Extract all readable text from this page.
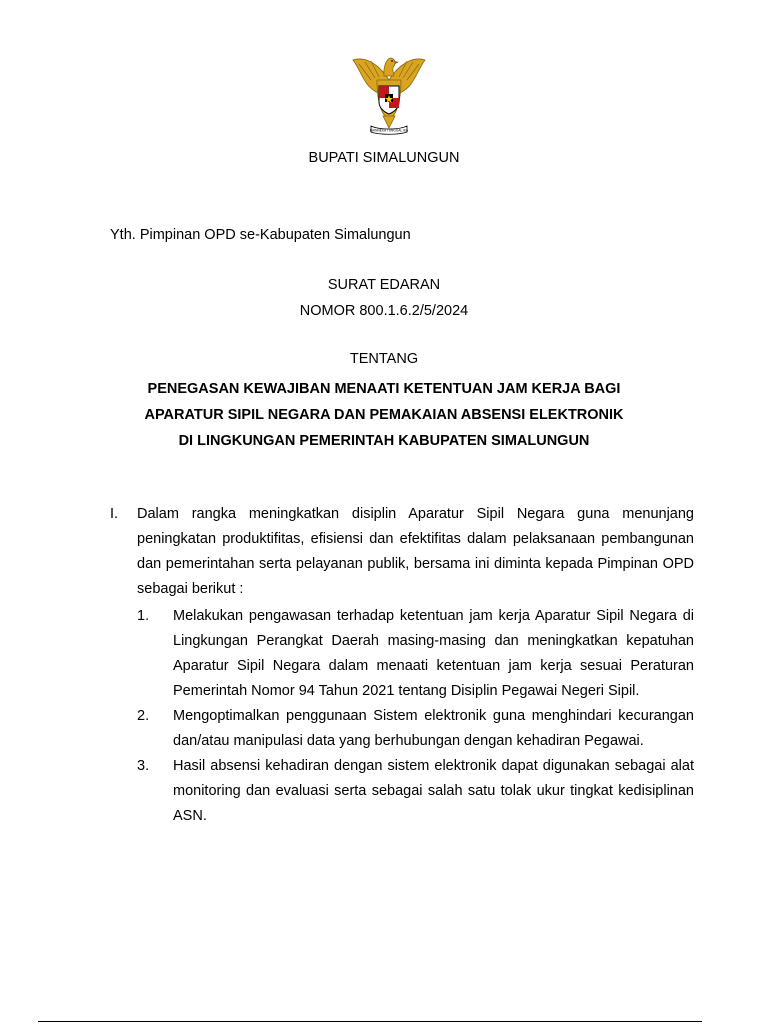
BHINNEKA TUNGGAL IKA
BUPATI SIMALUNGUN
Yth. Pimpinan OPD se-Kabupaten Simalungun
SURAT EDARAN
NOMOR 800.1.6.2/5/2024
TENTANG
PENEGASAN KEWAJIBAN MENAATI KETENTUAN JAM KERJA BAGI
APARATUR SIPIL NEGARA DAN PEMAKAIAN ABSENSI ELEKTRONIK
DI LINGKUNGAN PEMERINTAH KABUPATEN SIMALUNGUN
I.	Dalam rangka meningkatkan disiplin Aparatur Sipil Negara guna menunjang peningkatan produktifitas, efisiensi dan efektifitas dalam pelaksanaan pembangunan dan pemerintahan serta pelayanan publik, bersama ini diminta kepada Pimpinan OPD sebagai berikut :
1.	Melakukan pengawasan terhadap ketentuan jam kerja Aparatur Sipil Negara di Lingkungan Perangkat Daerah masing-masing dan meningkatkan kepatuhan Aparatur Sipil Negara dalam menaati ketentuan jam kerja sesuai Peraturan Pemerintah Nomor 94 Tahun 2021 tentang Disiplin Pegawai Negeri Sipil.
2.	Mengoptimalkan penggunaan Sistem elektronik guna menghindari kecurangan dan/atau manipulasi data yang berhubungan dengan kehadiran Pegawai.
3.	Hasil absensi kehadiran dengan sistem elektronik dapat digunakan sebagai alat monitoring dan evaluasi serta sebagai salah satu tolak ukur tingkat kedisiplinan ASN.
